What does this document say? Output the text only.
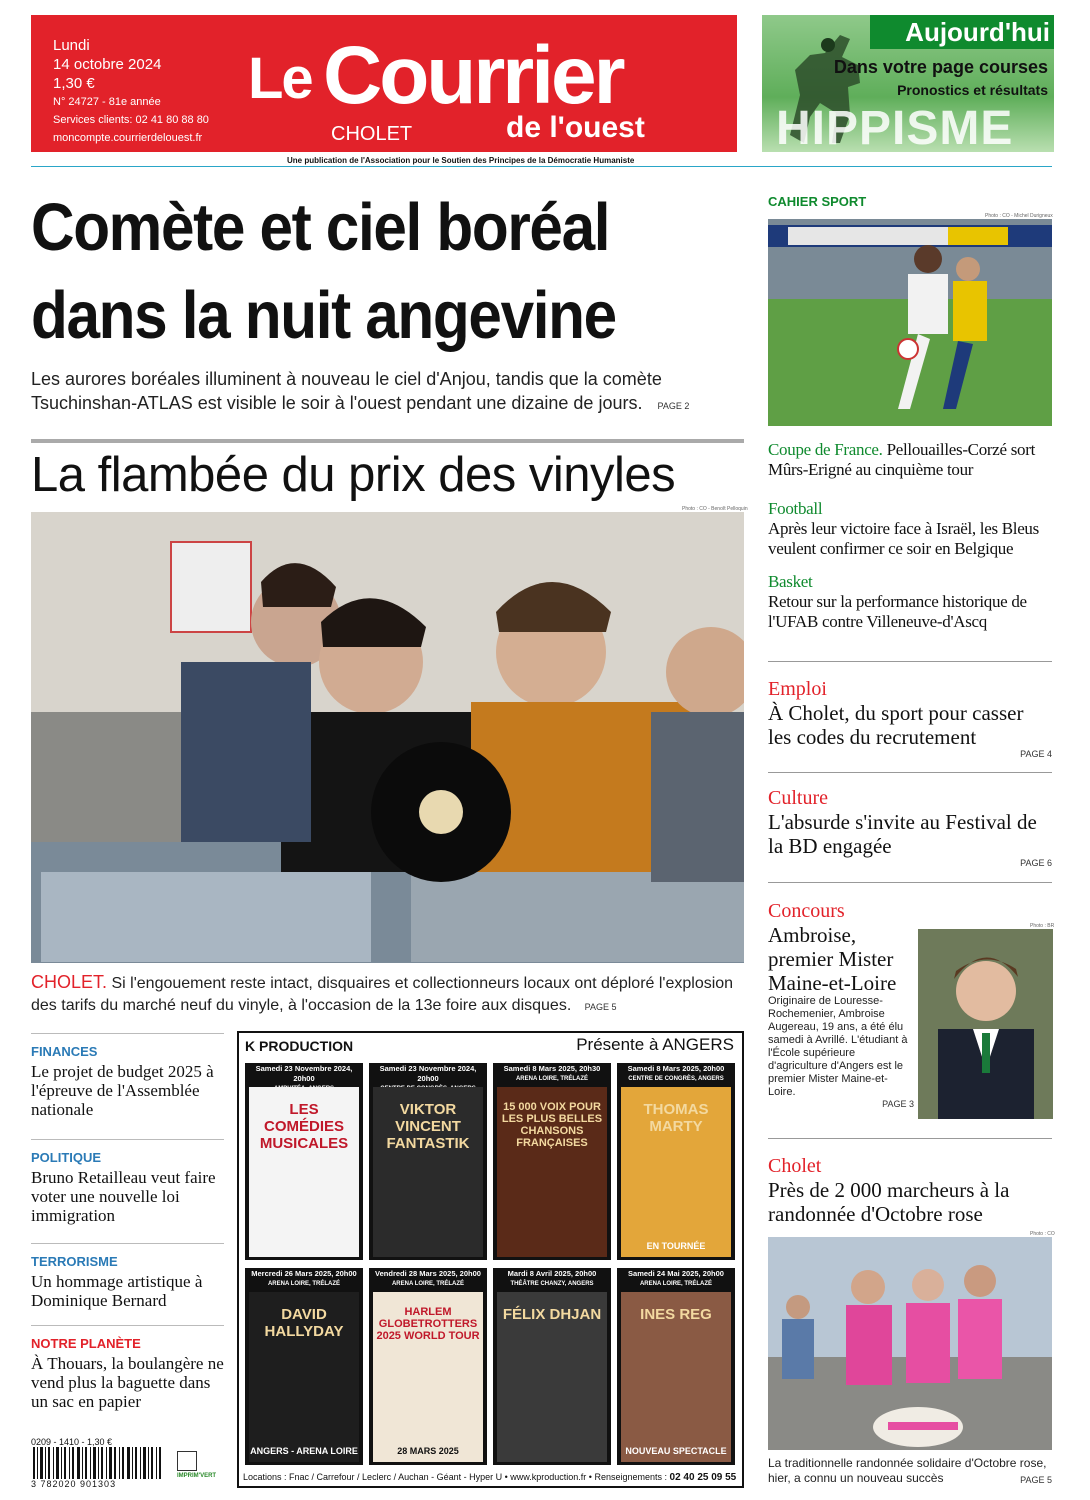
Lundi
14 octobre 2024
1,30 €
N° 24727 - 81e année
Services clients: 02 41 80 88 80
moncompte.courrierdelouest.fr
Le Courrier
CHOLET	de l'ouest
Aujourd'hui
Dans votre page courses
Pronostics et résultats
HIPPISME
Une publication de l'Association pour le Soutien des Principes de la Démocratie Humaniste
Comète et ciel boréal
dans la nuit angevine
Les aurores boréales illuminent à nouveau le ciel d'Anjou, tandis que la comète Tsuchinshan-ATLAS est visible le soir à l'ouest pendant une dizaine de jours. PAGE 2
La flambée du prix des vinyles
Photo : CO - Benoît Pelloquin
CHOLET. Si l'engouement reste intact, disquaires et collectionneurs locaux ont déploré l'explosion des tarifs du marché neuf du vinyle, à l'occasion de la 13e foire aux disques. PAGE 5
FINANCES
Le projet de budget 2025 à l'épreuve de l'Assemblée nationale
POLITIQUE
Bruno Retailleau veut faire voter une nouvelle loi immigration
TERRORISME
Un hommage artistique à Dominique Bernard
NOTRE PLANÈTE
À Thouars, la boulangère ne vend plus la baguette dans un sac en papier
K PRODUCTION	Présente à ANGERS
Samedi 23 Novembre 2024, 20h00
LES COMÉDIES MUSICALES
Samedi 23 Novembre 2024, 20h00
VIKTOR VINCENT FANTASTIK
Samedi 8 Mars 2025, 20h30
ARENA LOIRE, TRÉLAZÉ
15 000 VOIX POUR LES PLUS BELLES CHANSONS FRANÇAISES
Samedi 8 Mars 2025, 20h00
CENTRE DE CONGRÈS, ANGERS
THOMAS MARTY
EN TOURNÉE
Mercredi 26 Mars 2025, 20h00
ARENA LOIRE, TRÉLAZÉ
DAVID HALLYDAY
ANGERS - ARENA LOIRE
Vendredi 28 Mars 2025, 20h00
ARENA LOIRE, TRÉLAZÉ
HARLEM GLOBETROTTERS 2025 WORLD TOUR
28 MARS 2025
Mardi 8 Avril 2025, 20h00
THÉÂTRE CHANZY, ANGERS
FÉLIX DHJAN
Samedi 24 Mai 2025, 20h00
ARENA LOIRE, TRÉLAZÉ
INES REG
NOUVEAU SPECTACLE
Locations : Fnac / Carrefour / Leclerc / Auchan - Géant - Hyper U • www.kproduction.fr • Renseignements : 02 40 25 09 55
0209 - 1410 - 1,30 €
3 782020 901303
IMPRIM'VERT
CAHIER SPORT
Photo : CO - Michel Durigneux
Coupe de France. Pellouailles-Corzé sort Mûrs-Erigné au cinquième tour
Football
Après leur victoire face à Israël, les Bleus veulent confirmer ce soir en Belgique
Basket
Retour sur la performance historique de l'UFAB contre Villeneuve-d'Ascq
Emploi
À Cholet, du sport pour casser les codes du recrutement
PAGE 4
Culture
L'absurde s'invite au Festival de la BD engagée
PAGE 6
Concours
Ambroise, premier Mister Maine-et-Loire
Originaire de Louresse-Rochemenier, Ambroise Augereau, 19 ans, a été élu samedi à Avrillé. L'étudiant à l'École supérieure d'agriculture d'Angers est le premier Mister Maine-et-Loire.
PAGE 3
Photo : BR
Cholet
Près de 2 000 marcheurs à la randonnée d'Octobre rose
Photo : CO
La traditionnelle randonnée solidaire d'Octobre rose, hier, a connu un nouveau succès	PAGE 5
